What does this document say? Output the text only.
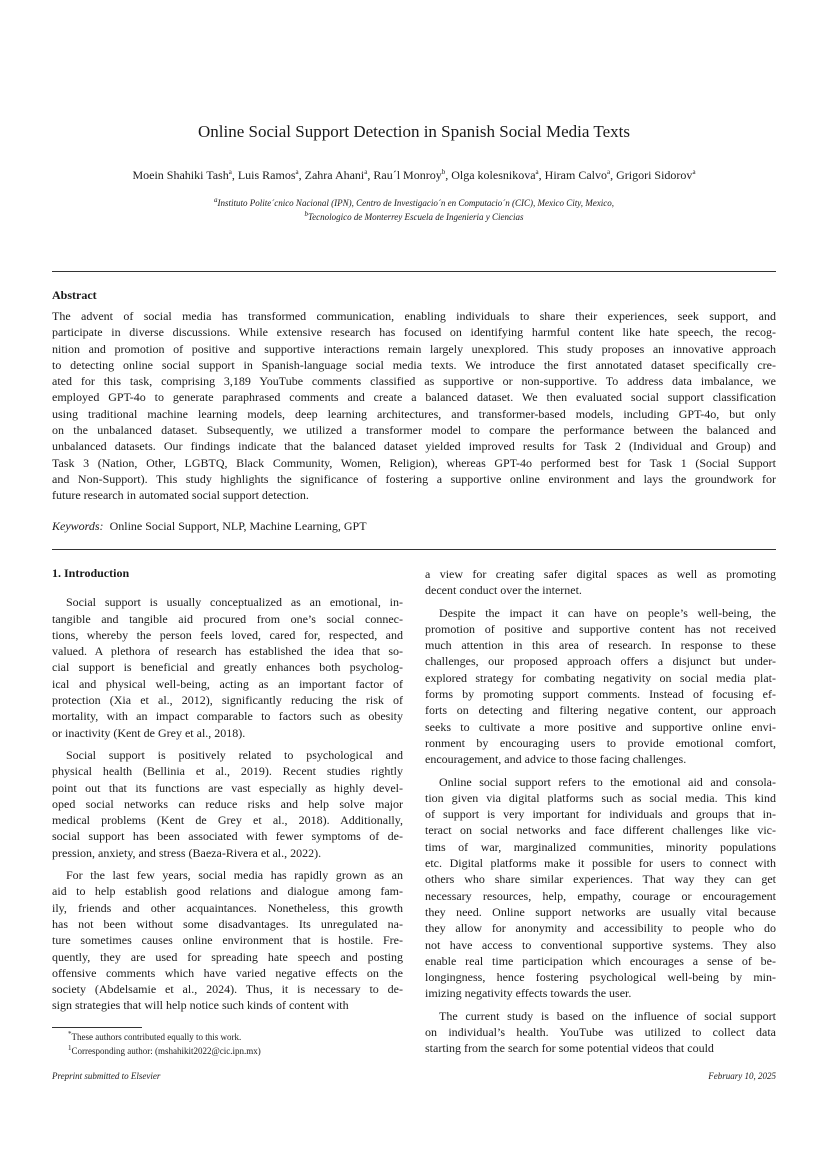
Online Social Support Detection in Spanish Social Media Texts
Moein Shahiki Tash$^a$, Luis Ramos$^a$, Zahra Ahani$^a$, Rau´l Monroy$^b$, Olga kolesnikova$^a$, Hiram Calvo$^a$, Grigori Sidorov$^a$
$^a$Instituto Polite´cnico Nacional (IPN), Centro de Investigacio´n en Computacio´n (CIC), Mexico City, Mexico,
$^b$Tecnologico de Monterrey Escuela de Ingenieria y Ciencias
Abstract
The advent of social media has transformed communication, enabling individuals to share their experiences, seek support, and
participate in diverse discussions. While extensive research has focused on identifying harmful content like hate speech, the recog-
nition and promotion of positive and supportive interactions remain largely unexplored. This study proposes an innovative approach
to detecting online social support in Spanish-language social media texts. We introduce the first annotated dataset specifically cre-
ated for this task, comprising 3,189 YouTube comments classified as supportive or non-supportive. To address data imbalance, we
employed GPT-4o to generate paraphrased comments and create a balanced dataset. We then evaluated social support classification
using traditional machine learning models, deep learning architectures, and transformer-based models, including GPT-4o, but only
on the unbalanced dataset. Subsequently, we utilized a transformer model to compare the performance between the balanced and
unbalanced datasets. Our findings indicate that the balanced dataset yielded improved results for Task 2 (Individual and Group) and
Task 3 (Nation, Other, LGBTQ, Black Community, Women, Religion), whereas GPT-4o performed best for Task 1 (Social Support
and Non-Support). This study highlights the significance of fostering a supportive online environment and lays the groundwork for
future research in automated social support detection.
Keywords: Online Social Support, NLP, Machine Learning, GPT
1. Introduction
Social support is usually conceptualized as an emotional, in-
tangible and tangible aid procured from one’s social connec-
tions, whereby the person feels loved, cared for, respected, and
valued. A plethora of research has established the idea that so-
cial support is beneficial and greatly enhances both psycholog-
ical and physical well-being, acting as an important factor of
protection (Xia et al., 2012), significantly reducing the risk of
mortality, with an impact comparable to factors such as obesity
or inactivity (Kent de Grey et al., 2018).
Social support is positively related to psychological and
physical health (Bellinia et al., 2019). Recent studies rightly
point out that its functions are vast especially as highly devel-
oped social networks can reduce risks and help solve major
medical problems (Kent de Grey et al., 2018). Additionally,
social support has been associated with fewer symptoms of de-
pression, anxiety, and stress (Baeza-Rivera et al., 2022).
For the last few years, social media has rapidly grown as an
aid to help establish good relations and dialogue among fam-
ily, friends and other acquaintances. Nonetheless, this growth
has not been without some disadvantages. Its unregulated na-
ture sometimes causes online environment that is hostile. Fre-
quently, they are used for spreading hate speech and posting
offensive comments which have varied negative effects on the
society (Abdelsamie et al., 2024). Thus, it is necessary to de-
sign strategies that will help notice such kinds of content with
a view for creating safer digital spaces as well as promoting
decent conduct over the internet.
Despite the impact it can have on people’s well-being, the
promotion of positive and supportive content has not received
much attention in this area of research. In response to these
challenges, our proposed approach offers a disjunct but under-
explored strategy for combating negativity on social media plat-
forms by promoting support comments. Instead of focusing ef-
forts on detecting and filtering negative content, our approach
seeks to cultivate a more positive and supportive online envi-
ronment by encouraging users to provide emotional comfort,
encouragement, and advice to those facing challenges.
Online social support refers to the emotional aid and consola-
tion given via digital platforms such as social media. This kind
of support is very important for individuals and groups that in-
teract on social networks and face different challenges like vic-
tims of war, marginalized communities, minority populations
etc. Digital platforms make it possible for users to connect with
others who share similar experiences. That way they can get
necessary resources, help, empathy, courage or encouragement
they need. Online support networks are usually vital because
they allow for anonymity and accessibility to people who do
not have access to conventional supportive systems. They also
enable real time participation which encourages a sense of be-
longingness, hence fostering psychological well-being by min-
imizing negativity effects towards the user.
The current study is based on the influence of social support
on individual’s health. YouTube was utilized to collect data
starting from the search for some potential videos that could
*These authors contributed equally to this work.
$^1$Corresponding author: (mshahikit2022@cic.ipn.mx)
Preprint submitted to Elsevier	February 10, 2025
